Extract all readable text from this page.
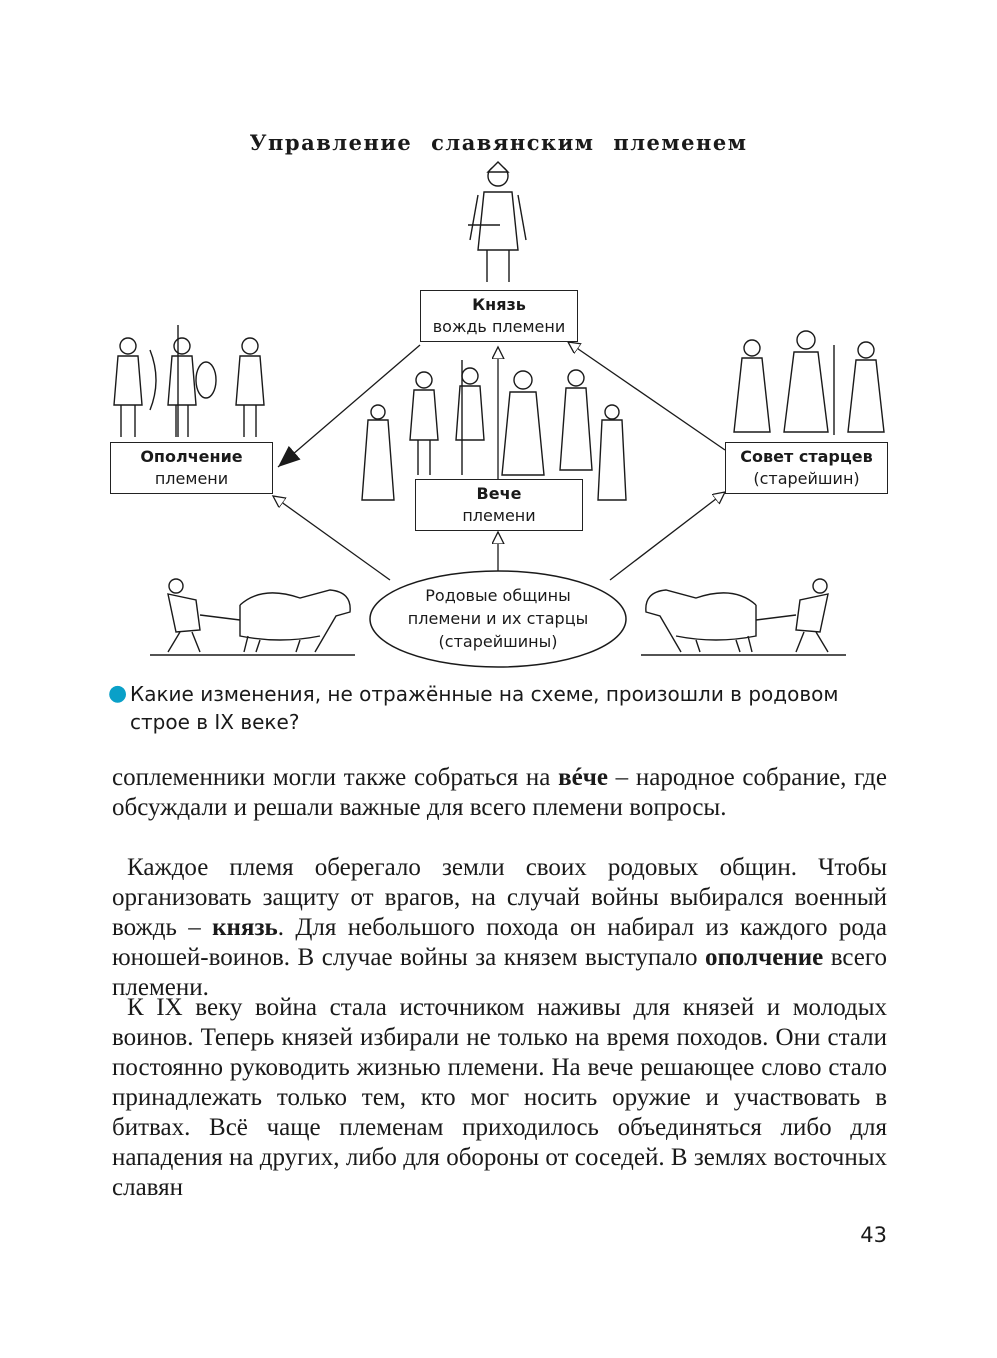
Управление славянским племенем
Князь
вождь племени
Ополчение
племени
Совет старцев
(старейшин)
Вече
племени
Родовые общины
племени и их старцы
(старейшины)
● Какие изменения, не отражённые на схеме, произошли в родовом строе в IX веке?
соплеменники могли также собраться на вéче – народное собрание, где обсуждали и решали важные для всего племени вопросы.
Каждое племя оберегало земли своих родовых общин. Чтобы организовать защиту от врагов, на случай войны выбирался военный вождь – князь. Для небольшого похода он набирал из каждого рода юношей-воинов. В случае войны за князем выступало ополчение всего племени.
К IX веку война стала источником наживы для князей и молодых воинов. Теперь князей избирали не только на время походов. Они стали постоянно руководить жизнью племени. На вече решающее слово стало принадлежать только тем, кто мог носить оружие и участвовать в битвах. Всё чаще племенам приходилось объединяться либо для нападения на других, либо для обороны от соседей. В землях восточных славян
43
